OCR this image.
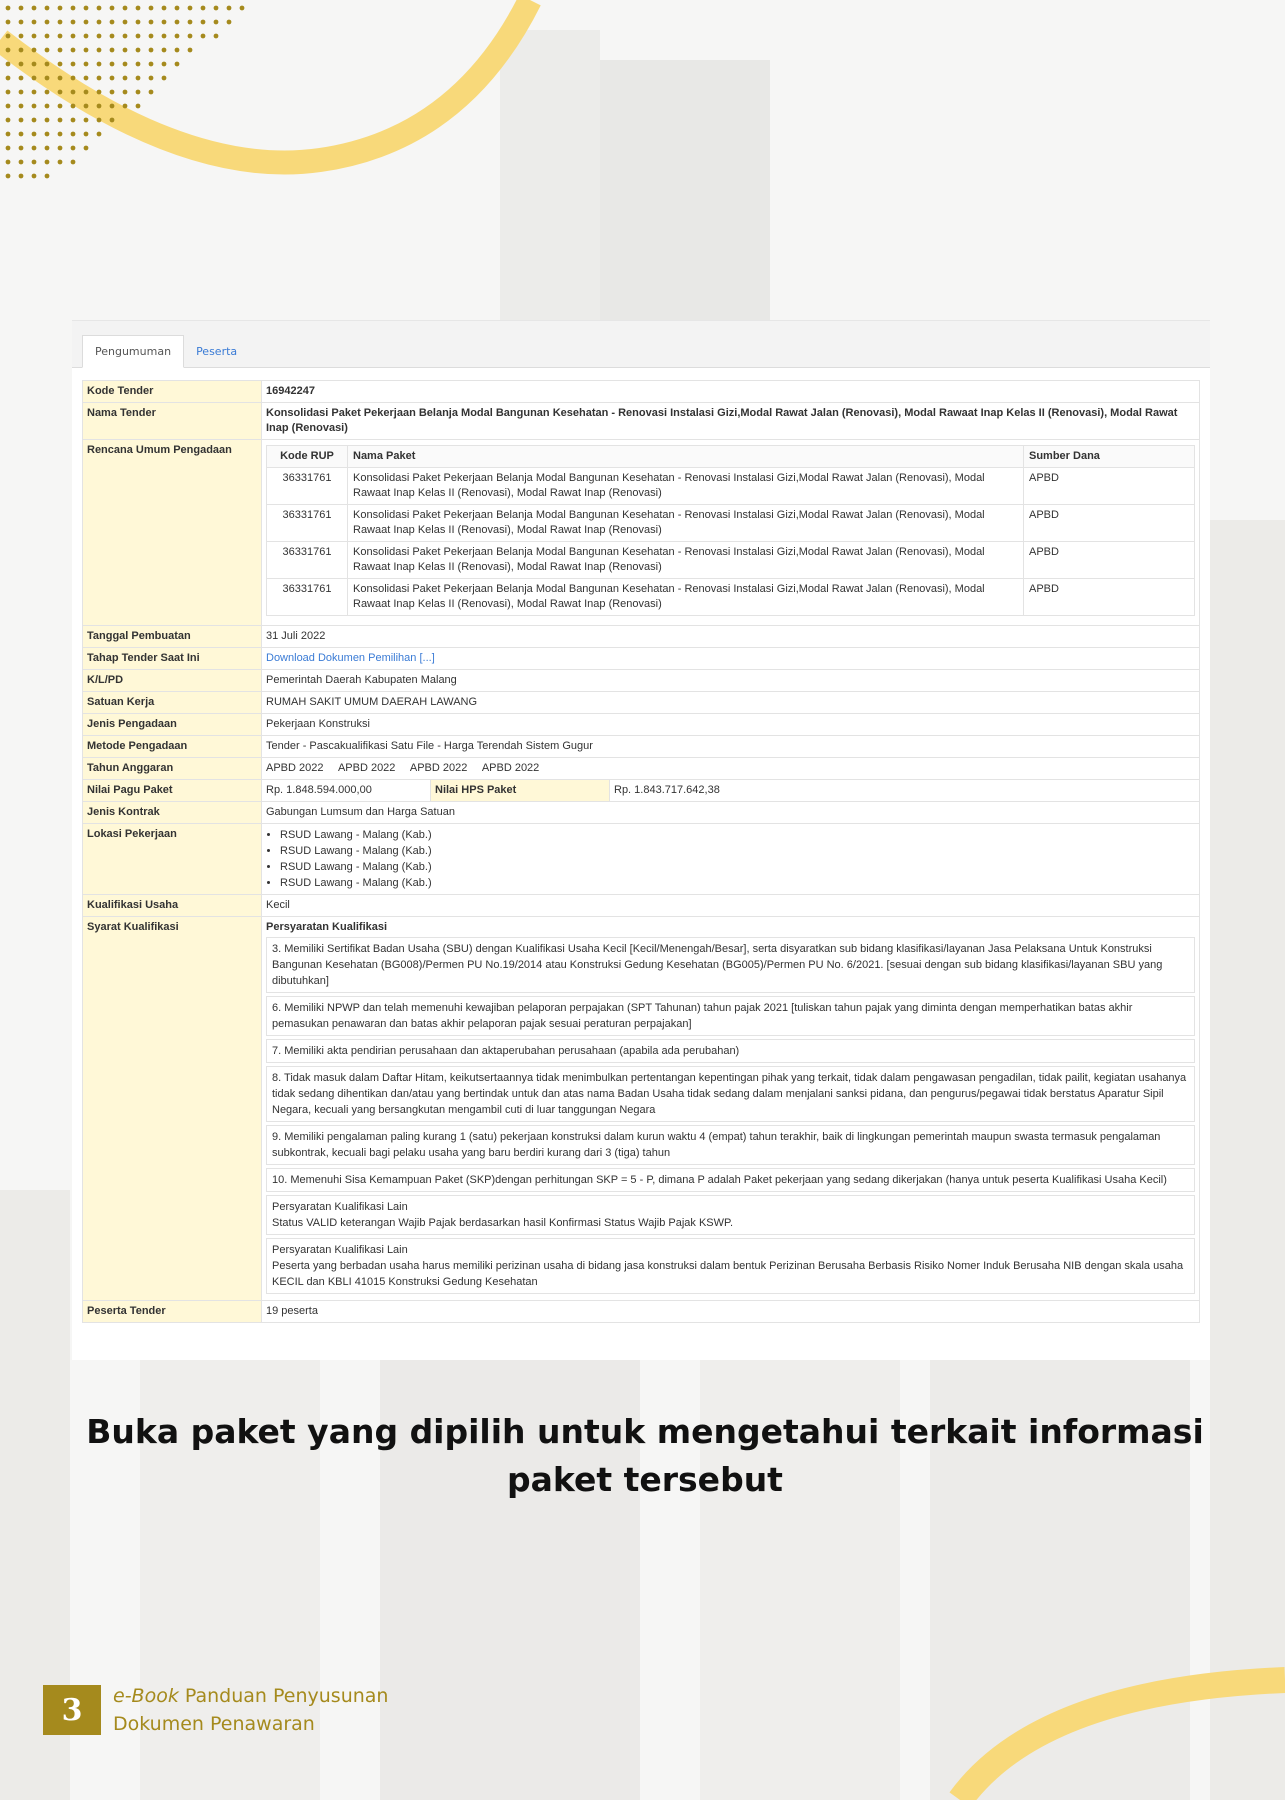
Pengumuman	Peserta
Kode Tender	16942247
Nama Tender	Konsolidasi Paket Pekerjaan Belanja Modal Bangunan Kesehatan - Renovasi Instalasi Gizi,Modal Rawat Jalan (Renovasi), Modal Rawaat Inap Kelas II (Renovasi), Modal Rawat Inap (Renovasi)
Rencana Umum Pengadaan		Kode RUP	Nama Paket	Sumber Dana
36331761	Konsolidasi Paket Pekerjaan Belanja Modal Bangunan Kesehatan - Renovasi Instalasi Gizi,Modal Rawat Jalan (Renovasi), Modal Rawaat Inap Kelas II (Renovasi), Modal Rawat Inap (Renovasi)	APBD
36331761	Konsolidasi Paket Pekerjaan Belanja Modal Bangunan Kesehatan - Renovasi Instalasi Gizi,Modal Rawat Jalan (Renovasi), Modal Rawaat Inap Kelas II (Renovasi), Modal Rawat Inap (Renovasi)	APBD
36331761	Konsolidasi Paket Pekerjaan Belanja Modal Bangunan Kesehatan - Renovasi Instalasi Gizi,Modal Rawat Jalan (Renovasi), Modal Rawaat Inap Kelas II (Renovasi), Modal Rawat Inap (Renovasi)	APBD
36331761	Konsolidasi Paket Pekerjaan Belanja Modal Bangunan Kesehatan - Renovasi Instalasi Gizi,Modal Rawat Jalan (Renovasi), Modal Rawaat Inap Kelas II (Renovasi), Modal Rawat Inap (Renovasi)	APBD

Tanggal Pembuatan	31 Juli 2022
Tahap Tender Saat Ini	Download Dokumen Pemilihan [...]
K/L/PD	Pemerintah Daerah Kabupaten Malang
Satuan Kerja	RUMAH SAKIT UMUM DAERAH LAWANG
Jenis Pengadaan	Pekerjaan Konstruksi
Metode Pengadaan	Tender - Pascakualifikasi Satu File - Harga Terendah Sistem Gugur
Tahun Anggaran	APBD 2022 APBD 2022 APBD 2022 APBD 2022
Nilai Pagu Paket	Rp. 1.848.594.000,00	Nilai HPS Paket	Rp. 1.843.717.642,38

Jenis Kontrak	Gabungan Lumsum dan Harga Satuan
Lokasi Pekerjaan	
•RSUD Lawang - Malang (Kab.)
• RSUD Lawang - Malang (Kab.)
• RSUD Lawang - Malang (Kab.)
• RSUD Lawang - Malang (Kab.)

Kualifikasi Usaha	Kecil
Syarat Kualifikasi	Persyaratan Kualifikasi
3. Memiliki Sertifikat Badan Usaha (SBU) dengan Kualifikasi Usaha Kecil [Kecil/Menengah/Besar], serta disyaratkan sub bidang klasifikasi/layanan Jasa Pelaksana Untuk Konstruksi Bangunan Kesehatan (BG008)/Permen PU No.19/2014 atau Konstruksi Gedung Kesehatan (BG005)/Permen PU No. 6/2021. [sesuai dengan sub bidang klasifikasi/layanan SBU yang dibutuhkan]
6. Memiliki NPWP dan telah memenuhi kewajiban pelaporan perpajakan (SPT Tahunan) tahun pajak 2021 [tuliskan tahun pajak yang diminta dengan memperhatikan batas akhir pemasukan penawaran dan batas akhir pelaporan pajak sesuai peraturan perpajakan]
7. Memiliki akta pendirian perusahaan dan aktaperubahan perusahaan (apabila ada perubahan)
8. Tidak masuk dalam Daftar Hitam, keikutsertaannya tidak menimbulkan pertentangan kepentingan pihak yang terkait, tidak dalam pengawasan pengadilan, tidak pailit, kegiatan usahanya tidak sedang dihentikan dan/atau yang bertindak untuk dan atas nama Badan Usaha tidak sedang dalam menjalani sanksi pidana, dan pengurus/pegawai tidak berstatus Aparatur Sipil Negara, kecuali yang bersangkutan mengambil cuti di luar tanggungan Negara
9. Memiliki pengalaman paling kurang 1 (satu) pekerjaan konstruksi dalam kurun waktu 4 (empat) tahun terakhir, baik di lingkungan pemerintah maupun swasta termasuk pengalaman subkontrak, kecuali bagi pelaku usaha yang baru berdiri kurang dari 3 (tiga) tahun
10. Memenuhi Sisa Kemampuan Paket (SKP)dengan perhitungan SKP = 5 - P, dimana P adalah Paket pekerjaan yang sedang dikerjakan (hanya untuk peserta Kualifikasi Usaha Kecil)
Persyaratan Kualifikasi Lain
Status VALID keterangan Wajib Pajak berdasarkan hasil Konfirmasi Status Wajib Pajak KSWP.
Persyaratan Kualifikasi Lain
Peserta yang berbadan usaha harus memiliki perizinan usaha di bidang jasa konstruksi dalam bentuk Perizinan Berusaha Berbasis Risiko Nomer Induk Berusaha NIB dengan skala usaha KECIL dan KBLI 41015 Konstruksi Gedung Kesehatan

Peserta Tender	19 peserta
Buka paket yang dipilih untuk mengetahui terkait informasi paket tersebut
3	e-Book Panduan Penyusunan
Dokumen Penawaran
